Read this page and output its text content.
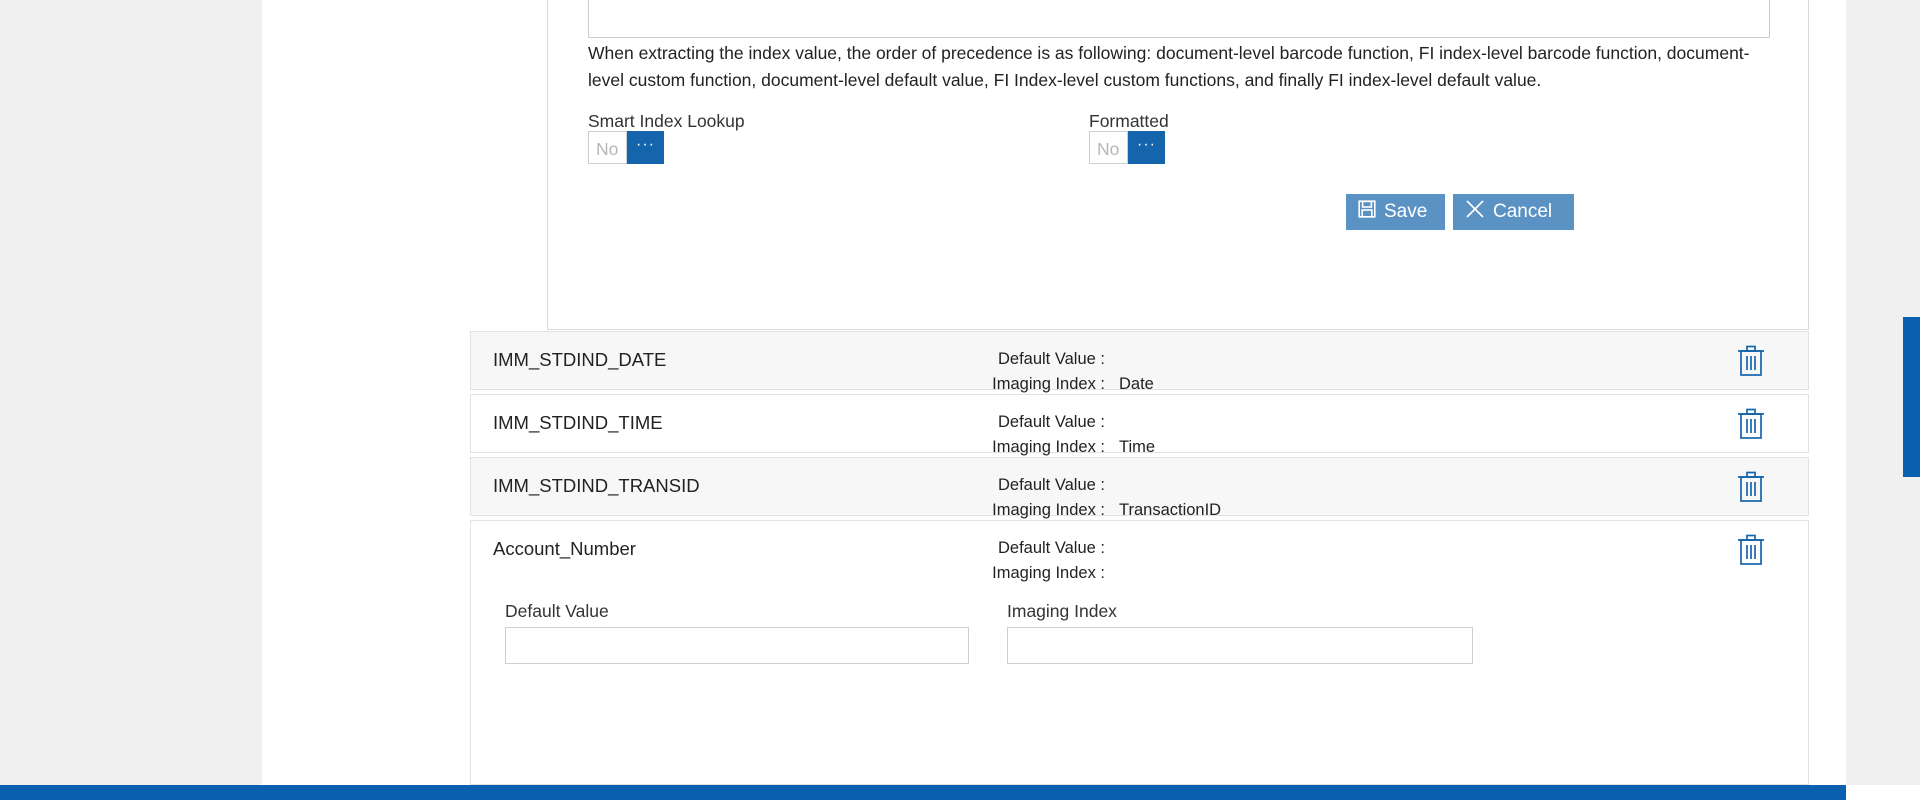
When extracting the index value, the order of precedence is as following: document-level barcode function, FI index-level barcode function, document-level custom function, document-level default value, FI Index-level custom functions, and finally FI index-level default value.
Smart Index Lookup
No
···
Formatted
No
···
Save	Cancel
IMM_STDIND_DATE	Default Value :
Imaging Index : Date
IMM_STDIND_TIME	Default Value :
Imaging Index : Time
IMM_STDIND_TRANSID	Default Value :
Imaging Index : TransactionID
Account_Number	Default Value :
Imaging Index :
Default Value	Imaging Index
